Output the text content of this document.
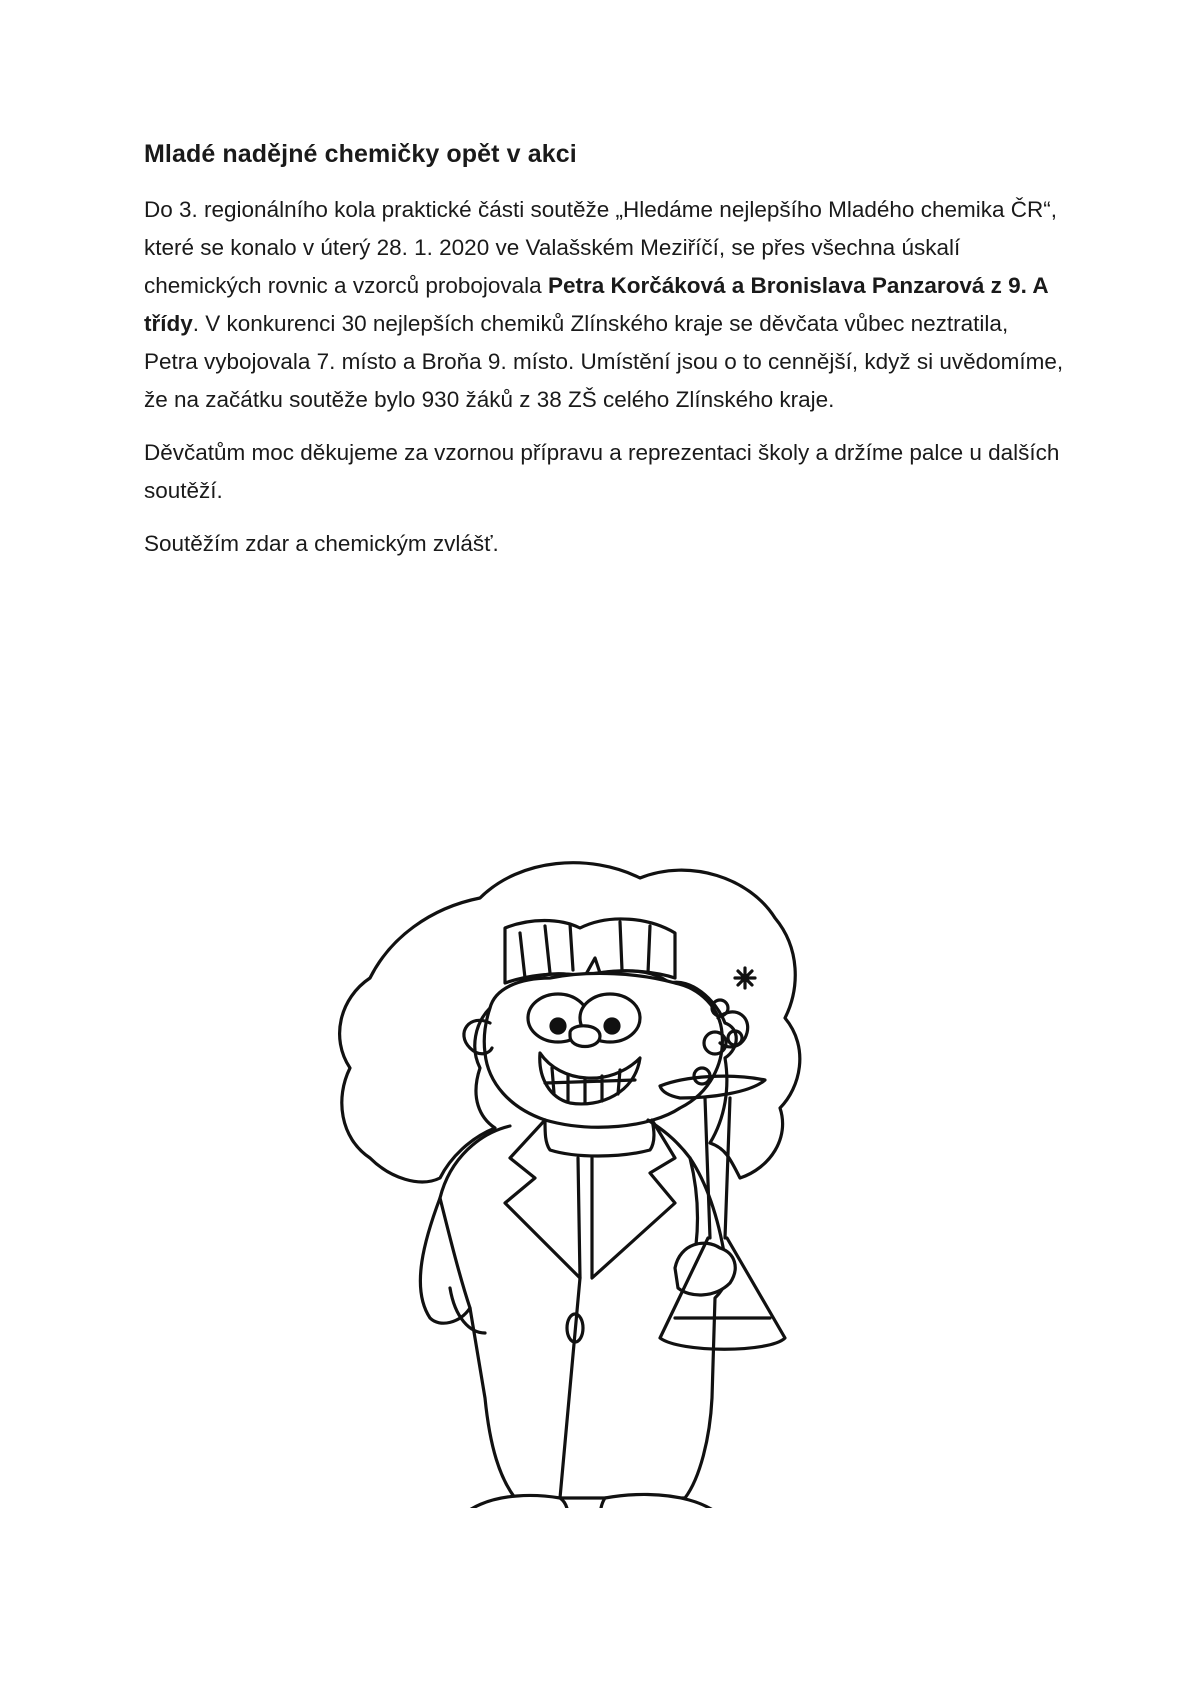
Mladé nadějné chemičky opět v akci

Do 3. regionálního kola praktické části soutěže „Hledáme nejlepšího Mladého chemika ČR“, které se konalo v úterý 28. 1. 2020 ve Valašském Meziříčí, se přes všechna úskalí chemických rovnic a vzorců probojovala Petra Korčáková a Bronislava Panzarová z 9. A třídy. V konkurenci 30 nejlepších chemiků Zlínského kraje se děvčata vůbec neztratila, Petra vybojovala 7. místo a Broňa 9. místo. Umístění jsou o to cennější, když si uvědomíme, že na začátku soutěže bylo 930 žáků z 38 ZŠ celého Zlínského kraje.

Děvčatům moc děkujeme za vzornou přípravu a reprezentaci školy a držíme palce u dalších soutěží.

Soutěžím zdar a chemickým zvlášť.
